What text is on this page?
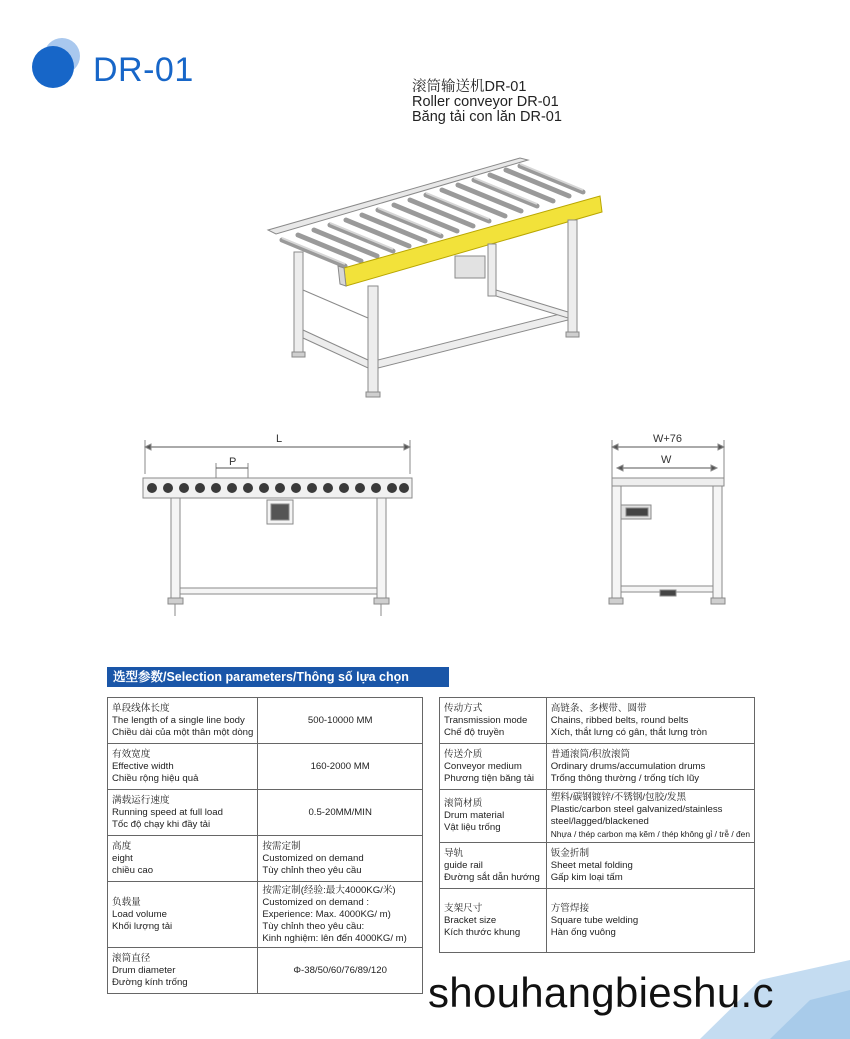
DR-01	滚筒输送机DR-01
Roller conveyor DR-01
Băng tải con lăn DR-01
L
P
W+76
W
选型参数/Selection parameters/Thông số lựa chọn
单段线体长度
The length of a single line body
Chiều dài của một thân một dòng	500-10000 MM

有效宽度
Effective width
Chiều rộng hiệu quả	160-2000 MM

满载运行速度
Running speed at full load
Tốc độ chạy khi đầy tải	0.5-20MM/MIN

高度
eight
chiều cao	按需定制
Customized on demand
Tùy chỉnh theo yêu cầu

负载量
Load volume
Khối lượng tải	按需定制(经验:最大4000KG/米)
Customized on demand :
Experience: Max. 4000KG/ m)
Tùy chỉnh theo yêu cầu:
Kinh nghiệm: lên đến 4000KG/ m)

滚筒直径
Drum diameter
Đường kính trống	Φ-38/50/60/76/89/120
传动方式
Transmission mode
Chế độ truyền	高链条、多楔带、圆带
Chains, ribbed belts, round belts
Xích, thắt lưng có gân, thắt lưng tròn

传送介质
Conveyor medium
Phương tiện băng tải	普通滚筒/积放滚筒
Ordinary drums/accumulation drums
Trống thông thường / trống tích lũy

滚筒材质
Drum material
Vật liệu trống	塑料/碳钢镀锌/不锈钢/包胶/发黑
Plastic/carbon steel galvanized/stainless
steel/lagged/blackened
Nhựa / thép carbon mạ kẽm / thép không gỉ / trễ / đen

导轨
guide rail
Đường sắt dẫn hướng	钣金折制
Sheet metal folding
Gấp kim loại tấm

支架尺寸
Bracket size
Kích thước khung	方管焊接
Square tube welding
Hàn ống vuông
shouhangbieshu.c
